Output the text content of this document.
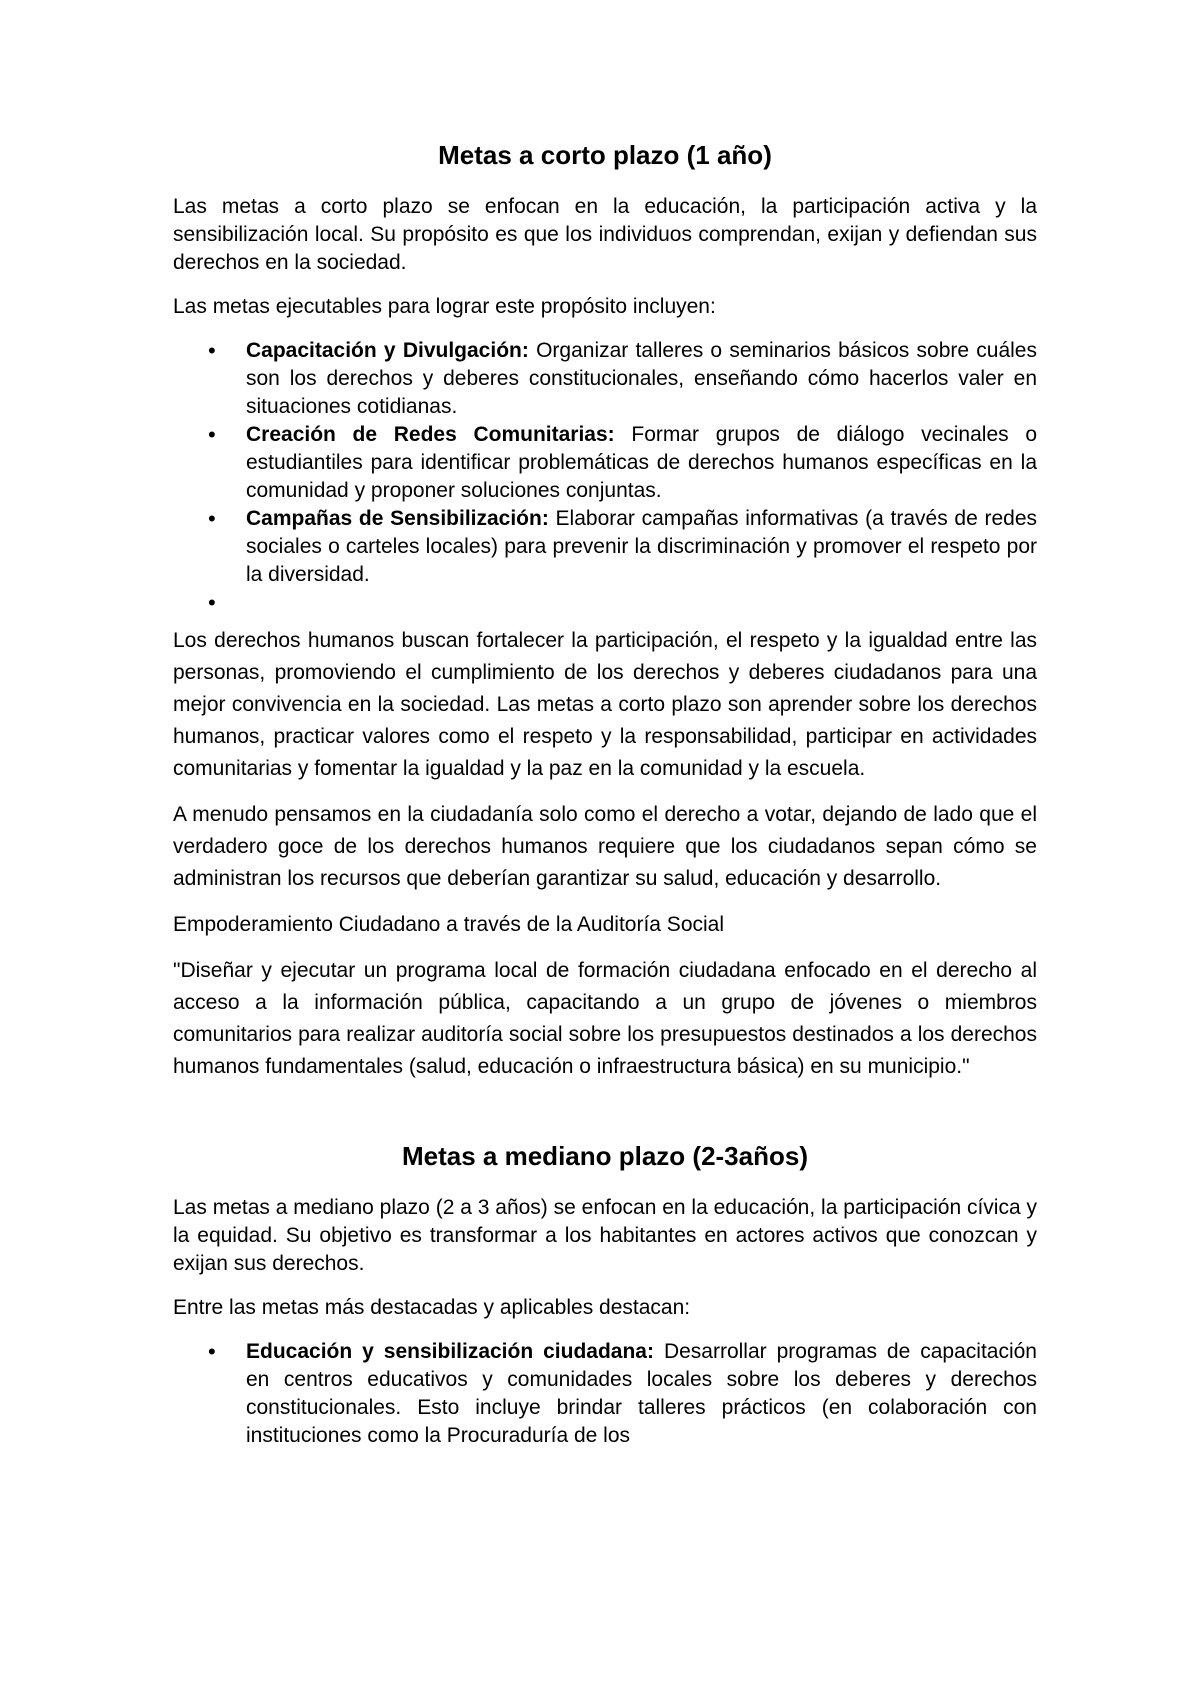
Metas a corto plazo (1 año)

Las metas a corto plazo se enfocan en la educación, la participación activa y la sensibilización local. Su propósito es que los individuos comprendan, exijan y defiendan sus derechos en la sociedad.

Las metas ejecutables para lograr este propósito incluyen:

• Capacitación y Divulgación: Organizar talleres o seminarios básicos sobre cuáles son los derechos y deberes constitucionales, enseñando cómo hacerlos valer en situaciones cotidianas.
• Creación de Redes Comunitarias: Formar grupos de diálogo vecinales o estudiantiles para identificar problemáticas de derechos humanos específicas en la comunidad y proponer soluciones conjuntas.
• Campañas de Sensibilización: Elaborar campañas informativas (a través de redes sociales o carteles locales) para prevenir la discriminación y promover el respeto por la diversidad.
•

Los derechos humanos buscan fortalecer la participación, el respeto y la igualdad entre las personas, promoviendo el cumplimiento de los derechos y deberes ciudadanos para una mejor convivencia en la sociedad. Las metas a corto plazo son aprender sobre los derechos humanos, practicar valores como el respeto y la responsabilidad, participar en actividades comunitarias y fomentar la igualdad y la paz en la comunidad y la escuela.

A menudo pensamos en la ciudadanía solo como el derecho a votar, dejando de lado que el verdadero goce de los derechos humanos requiere que los ciudadanos sepan cómo se administran los recursos que deberían garantizar su salud, educación y desarrollo.

Empoderamiento Ciudadano a través de la Auditoría Social

"Diseñar y ejecutar un programa local de formación ciudadana enfocado en el derecho al acceso a la información pública, capacitando a un grupo de jóvenes o miembros comunitarios para realizar auditoría social sobre los presupuestos destinados a los derechos humanos fundamentales (salud, educación o infraestructura básica) en su municipio."

Metas a mediano plazo (2-3años)

Las metas a mediano plazo (2 a 3 años) se enfocan en la educación, la participación cívica y la equidad. Su objetivo es transformar a los habitantes en actores activos que conozcan y exijan sus derechos.

Entre las metas más destacadas y aplicables destacan:

• Educación y sensibilización ciudadana: Desarrollar programas de capacitación en centros educativos y comunidades locales sobre los deberes y derechos constitucionales. Esto incluye brindar talleres prácticos (en colaboración con instituciones como la Procuraduría de los
